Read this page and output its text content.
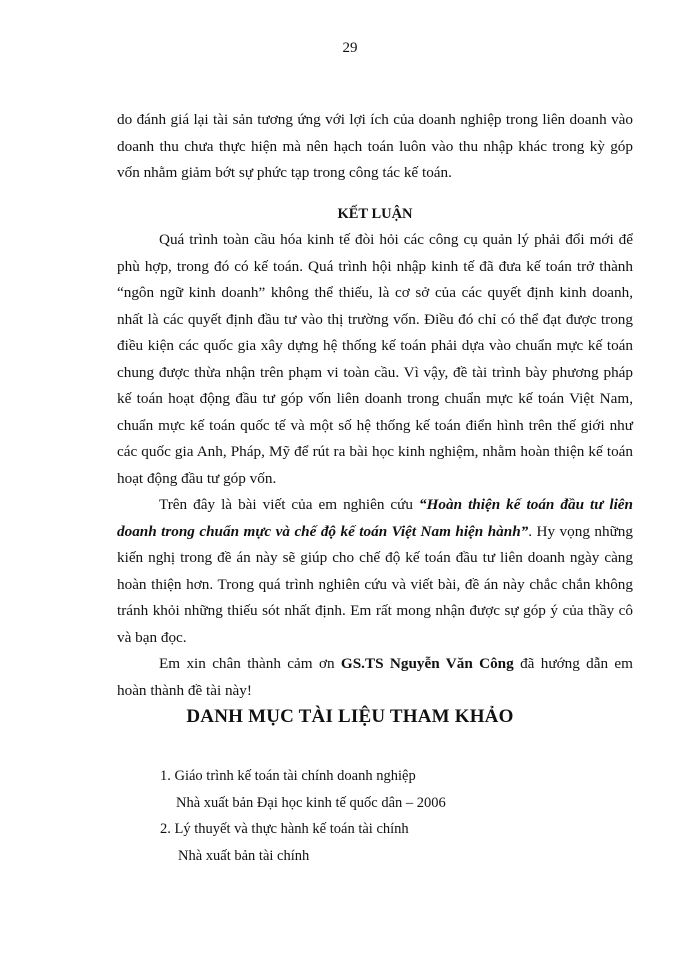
29

do đánh giá lại tài sản tương ứng với lợi ích của doanh nghiệp trong liên doanh vào doanh thu chưa thực hiện mà nên hạch toán luôn vào thu nhập khác trong kỳ góp vốn nhằm giảm bớt sự phức tạp trong công tác kế toán.

KẾT LUẬN

Quá trình toàn cầu hóa kinh tế đòi hỏi các công cụ quản lý phải đổi mới để phù hợp, trong đó có kế toán. Quá trình hội nhập kinh tế đã đưa kế toán trở thành “ngôn ngữ kinh doanh” không thể thiếu, là cơ sở của các quyết định kinh doanh, nhất là các quyết định đầu tư vào thị trường vốn. Điều đó chỉ có thể đạt được trong điều kiện các quốc gia xây dựng hệ thống kế toán phải dựa vào chuẩn mực kế toán chung được thừa nhận trên phạm vi toàn cầu. Vì vậy, đề tài trình bày phương pháp kế toán hoạt động đầu tư góp vốn liên doanh trong chuẩn mực kế toán Việt Nam, chuẩn mực kế toán quốc tế và một số hệ thống kế toán điển hình trên thế giới như các quốc gia Anh, Pháp, Mỹ để rút ra bài học kinh nghiệm, nhằm hoàn thiện kế toán hoạt động đầu tư góp vốn.

Trên đây là bài viết của em nghiên cứu “Hoàn thiện kế toán đầu tư liên doanh trong chuẩn mực và chế độ kế toán Việt Nam hiện hành”. Hy vọng những kiến nghị trong đề án này sẽ giúp cho chế độ kế toán đầu tư liên doanh ngày càng hoàn thiện hơn. Trong quá trình nghiên cứu và viết bài, đề án này chắc chắn không tránh khỏi những thiếu sót nhất định. Em rất mong nhận được sự góp ý của thầy cô và bạn đọc.

Em xin chân thành cảm ơn GS.TS Nguyễn Văn Công đã hướng dẫn em hoàn thành đề tài này!

DANH MỤC TÀI LIỆU THAM KHẢO
1. Giáo trình kế toán tài chính doanh nghiệp
Nhà xuất bản Đại học kinh tế quốc dân – 2006
2. Lý thuyết và thực hành kế toán tài chính
Nhà xuất bản tài chính
